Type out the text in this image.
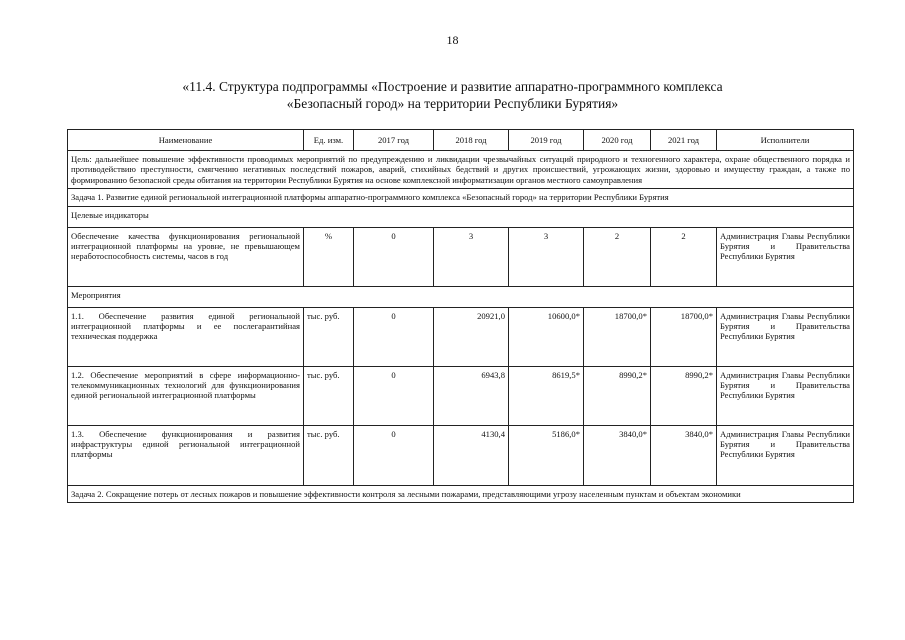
18
«11.4. Структура подпрограммы «Построение и развитие аппаратно-программного комплекса
«Безопасный город» на территории Республики Бурятия»
Наименование	Ед. изм.	2017 год	2018 год	2019 год	2020 год	2021 год	Исполнители
Цель: дальнейшее повышение эффективности проводимых мероприятий по предупреждению и ликвидации чрезвычайных ситуаций природного и техногенного характера, охране общественного порядка и противодействию преступности, смягчению негативных последствий пожаров, аварий, стихийных бедствий и других происшествий, угрожающих жизни, здоровью и имуществу граждан, а также по формированию безопасной среды обитания на территории Республики Бурятия на основе комплексной информатизации органов местного самоуправления							
Задача 1. Развитие единой региональной интеграционной платформы аппаратно-программного комплекса «Безопасный город» на территории Республики Бурятия							
Целевые индикаторы							
Обеспечение качества функционирования региональной интеграционной платформы на уровне, не превышающем неработоспособность системы, часов в год	%	0	3	3	2	2	Администрация Главы Республики Бурятия и Правительства Республики Бурятия
Мероприятия							
1.1. Обеспечение развития единой региональной интеграционной платформы и ее послегарантийная техническая поддержка	тыс. руб.	0	20921,0	10600,0*	18700,0*	18700,0*	Администрация Главы Республики Бурятия и Правительства Республики Бурятия
1.2. Обеспечение мероприятий в сфере информационно-телекоммуникационных технологий для функционирования единой региональной интеграционной платформы	тыс. руб.	0	6943,8	8619,5*	8990,2*	8990,2*	Администрация Главы Республики Бурятия и Правительства Республики Бурятия
1.3. Обеспечение функционирования и развития инфраструктуры единой региональной интеграционной платформы	тыс. руб.	0	4130,4	5186,0*	3840,0*	3840,0*	Администрация Главы Республики Бурятия и Правительства Республики Бурятия
Задача 2. Сокращение потерь от лесных пожаров и повышение эффективности контроля за лесными пожарами, представляющими угрозу населенным пунктам и объектам экономики							
